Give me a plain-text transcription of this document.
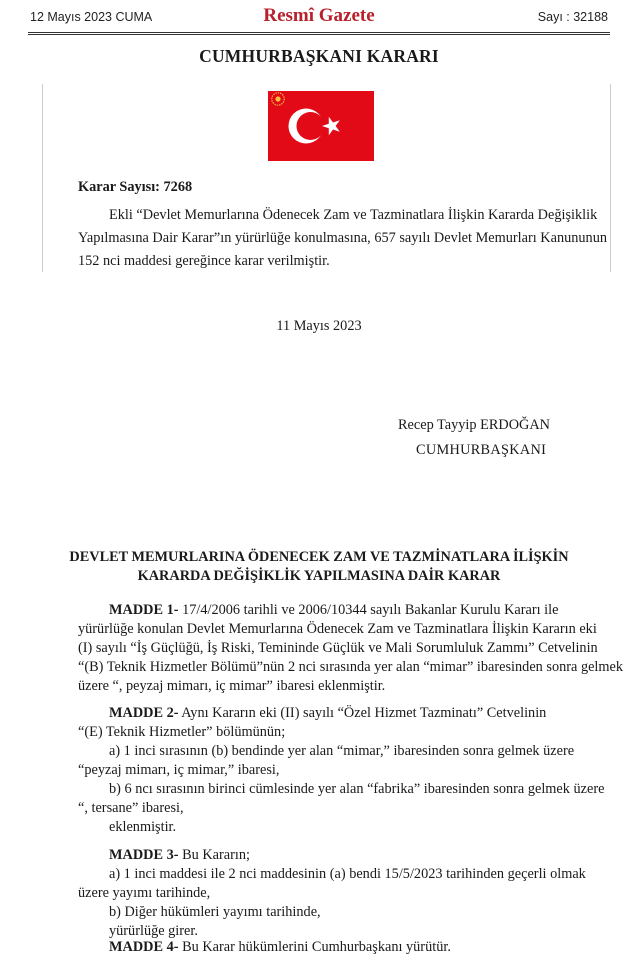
12 Mayıs 2023 CUMA	Resmî Gazete	Sayı : 32188
CUMHURBAŞKANI KARARI
Karar Sayısı: 7268
Ekli “Devlet Memurlarına Ödenecek Zam ve Tazminatlara İlişkin Kararda Değişiklik
Yapılmasına Dair Karar”ın yürürlüğe konulmasına, 657 sayılı Devlet Memurları Kanununun
152 nci maddesi gereğince karar verilmiştir.
11 Mayıs 2023
Recep Tayyip ERDOĞAN
CUMHURBAŞKANI
DEVLET MEMURLARINA ÖDENECEK ZAM VE TAZMİNATLARA İLİŞKİN
KARARDA DEĞİŞİKLİK YAPILMASINA DAİR KARAR
MADDE 1- 17/4/2006 tarihli ve 2006/10344 sayılı Bakanlar Kurulu Kararı ile
yürürlüğe konulan Devlet Memurlarına Ödenecek Zam ve Tazminatlara İlişkin Kararın eki
(I) sayılı “İş Güçlüğü, İş Riski, Temininde Güçlük ve Mali Sorumluluk Zammı” Cetvelinin
“(B) Teknik Hizmetler Bölümü”nün 2 nci sırasında yer alan “mimar” ibaresinden sonra gelmek
üzere “, peyzaj mimarı, iç mimar” ibaresi eklenmiştir.
MADDE 2- Aynı Kararın eki (II) sayılı “Özel Hizmet Tazminatı” Cetvelinin
“(E) Teknik Hizmetler” bölümünün;
a) 1 inci sırasının (b) bendinde yer alan “mimar,” ibaresinden sonra gelmek üzere
“peyzaj mimarı, iç mimar,” ibaresi,
b) 6 ncı sırasının birinci cümlesinde yer alan “fabrika” ibaresinden sonra gelmek üzere
“, tersane” ibaresi,
eklenmiştir.
MADDE 3- Bu Kararın;
a) 1 inci maddesi ile 2 nci maddesinin (a) bendi 15/5/2023 tarihinden geçerli olmak
üzere yayımı tarihinde,
b) Diğer hükümleri yayımı tarihinde,
yürürlüğe girer.
MADDE 4- Bu Karar hükümlerini Cumhurbaşkanı yürütür.
